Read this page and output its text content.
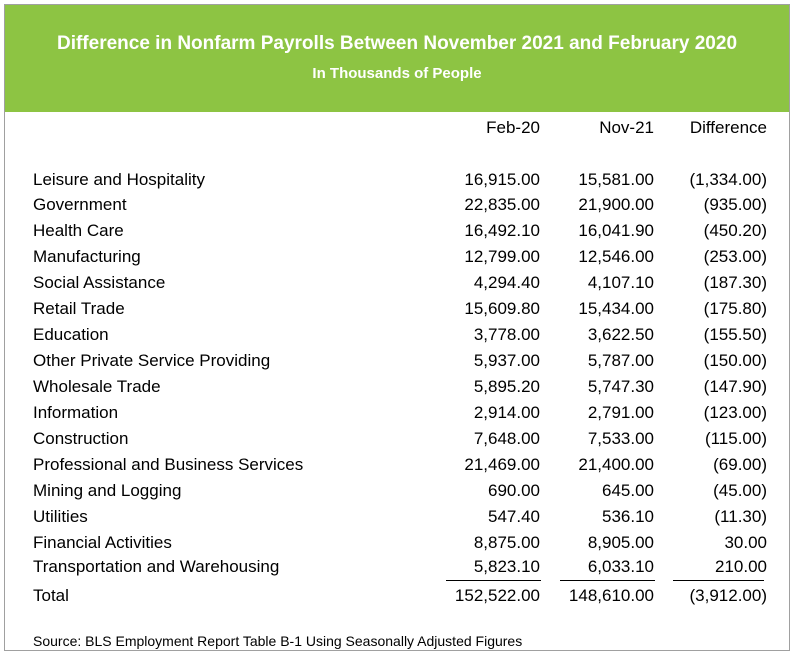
Difference in Nonfarm Payrolls Between November 2021 and February 2020
In Thousands of People
Feb-20	Nov-21 Difference
Leisure and Hospitality	16,915.00 15,581.00 (1,334.00)
Government	22,835.00 21,900.00	(935.00)
Health Care	16,492.10 16,041.90	(450.20)
Manufacturing	12,799.00 12,546.00	(253.00)
Social Assistance	4,294.40	4,107.10	(187.30)
Retail Trade	15,609.80 15,434.00	(175.80)
Education	3,778.00	3,622.50	(155.50)
Other Private Service Providing	5,937.00	5,787.00	(150.00)
Wholesale Trade	5,895.20	5,747.30	(147.90)
Information	2,914.00	2,791.00	(123.00)
Construction	7,648.00	7,533.00	(115.00)
Professional and Business Services	21,469.00 21,400.00	(69.00)
Mining and Logging	690.00	645.00	(45.00)
Utilities	547.40	536.10	(11.30)
Financial Activities	8,875.00	8,905.00	30.00
Transportation and Warehousing	5,823.10	6,033.10	210.00
Total	152,522.00 148,610.00 (3,912.00)
Source: BLS Employment Report Table B-1 Using Seasonally Adjusted Figures
